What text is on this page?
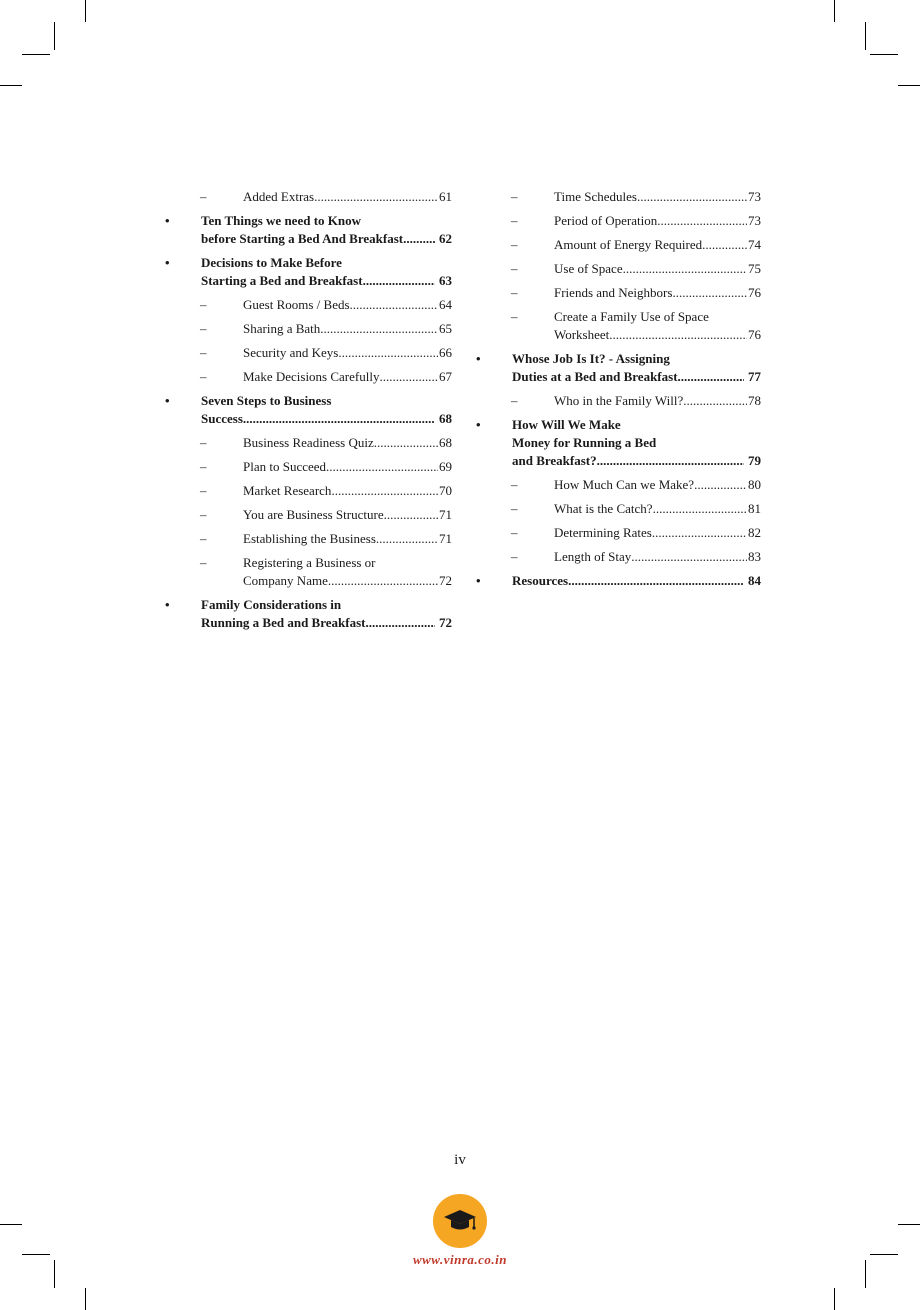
–	Added Extras .....	61
• Ten Things we need to Know
before Starting a Bed And Breakfast .....	62
• Decisions to Make Before
Starting a Bed and Breakfast .....	63
–	Guest Rooms / Beds .....	64
–	Sharing a Bath .....	65
–	Security and Keys .....	66
–	Make Decisions Carefully .....	67
• Seven Steps to Business
Success .....	68
–	Business Readiness Quiz .....	68
–	Plan to Succeed .....	69
–	Market Research .....	70
–	You are Business Structure .....	71
–	Establishing the Business .....	71
–	Registering a Business or
Company Name .....	72
• Family Considerations in
Running a Bed and Breakfast .....	72
–	Time Schedules .....	73
–	Period of Operation .....	73
–	Amount of Energy Required .....	74
–	Use of Space .....	75
–	Friends and Neighbors .....	76
–	Create a Family Use of Space
Worksheet .....	76
• Whose Job Is It? - Assigning
Duties at a Bed and Breakfast .....	77
–	Who in the Family Will? .....	78
• How Will We Make
Money for Running a Bed
and Breakfast? .....	79
–	How Much Can we Make? .....	80
–	What is the Catch? .....	81
–	Determining Rates .....	82
–	Length of Stay .....	83
• Resources .....	84
iv
www.vinra.co.in
